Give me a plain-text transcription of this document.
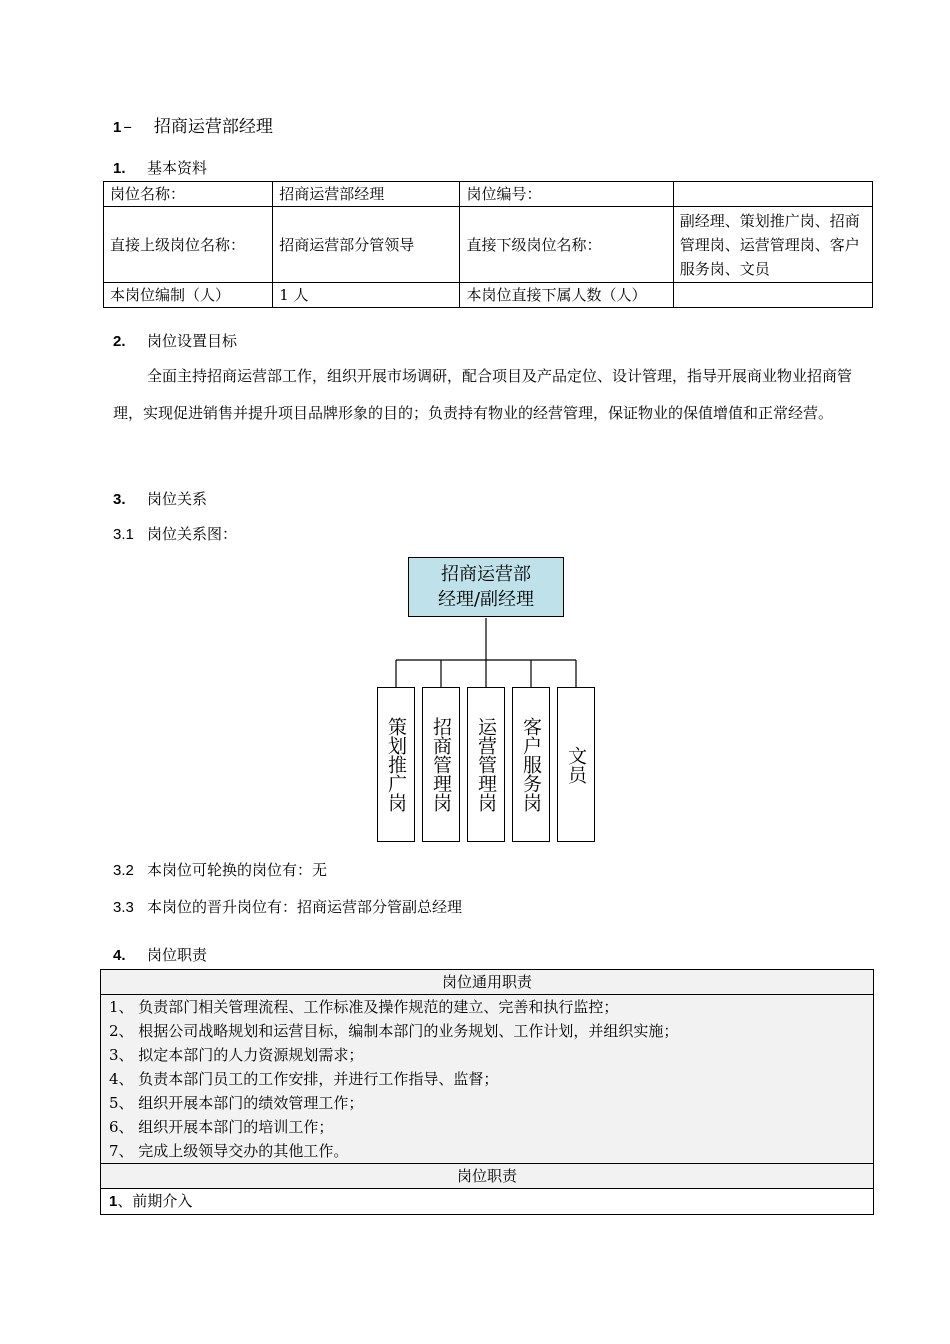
1 – 招商运营部经理
1. 基本资料
岗位名称：	招商运营部经理	岗位编号：	
直接上级岗位名称：	招商运营部分管领导	直接下级岗位名称：	副经理、策划推广岗、招商管理岗、运营管理岗、客户服务岗、文员
本岗位编制（人）	1 人	本岗位直接下属人数（人）	
2. 岗位设置目标
全面主持招商运营部工作，组织开展市场调研，配合项目及产品定位、设计管理，指导开展商业物业招商管理，实现促进销售并提升项目品牌形象的目的；负责持有物业的经营管理，保证物业的保值增值和正常经营。
3. 岗位关系
3.1 岗位关系图：
招商运营部
经理/副经理
策划推广岗	招商管理岗	运营管理岗	客户服务岗	文员
3.2 本岗位可轮换的岗位有：无
3.3 本岗位的晋升岗位有：招商运营部分管副总经理
4. 岗位职责
岗位通用职责
1、 负责部门相关管理流程、工作标准及操作规范的建立、完善和执行监控；
2、 根据公司战略规划和运营目标，编制本部门的业务规划、工作计划，并组织实施；
3、 拟定本部门的人力资源规划需求；
4、 负责本部门员工的工作安排，并进行工作指导、监督；
5、 组织开展本部门的绩效管理工作；
6、 组织开展本部门的培训工作；
7、 完成上级领导交办的其他工作。
岗位职责
1、前期介入
